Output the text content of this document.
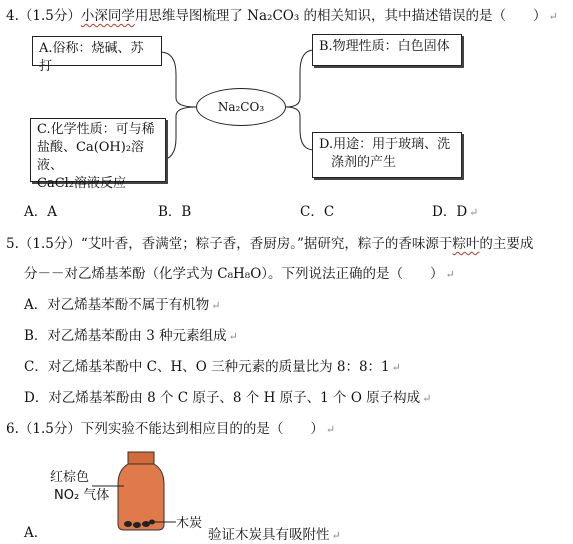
4.（1.5分）小深同学用思维导图梳理了 Na₂CO₃ 的相关知识，其中描述错误的是（　　） ↵
A.俗称：烧碱、苏打
B.物理性质：白色固体
Na₂CO₃
C.化学性质：可与稀
盐酸、Ca(OH)₂溶液、
CaCl₂溶液反应
D.用途：用于玻璃、洗
涤剂的产生
A．A	B．B	C．C	D．D ↵
5.（1.5分）“艾叶香，香满堂；粽子香，香厨房。”据研究，粽子的香味源于粽叶的主要成
分－－对乙烯基苯酚（化学式为 C₈H₈O）。下列说法正确的是（　　） ↵
A．对乙烯基苯酚不属于有机物 ↵
B．对乙烯基苯酚由 3 种元素组成 ↵
C．对乙烯基苯酚中 C、H、O 三种元素的质量比为 8：8：1 ↵
D．对乙烯基苯酚由 8 个 C 原子、8 个 H 原子、1 个 O 原子构成 ↵
6.（1.5分）下列实验不能达到相应目的的是（　　） ↵
红棕色
NO₂ 气体
木炭
A．	验证木炭具有吸附性 ↵
